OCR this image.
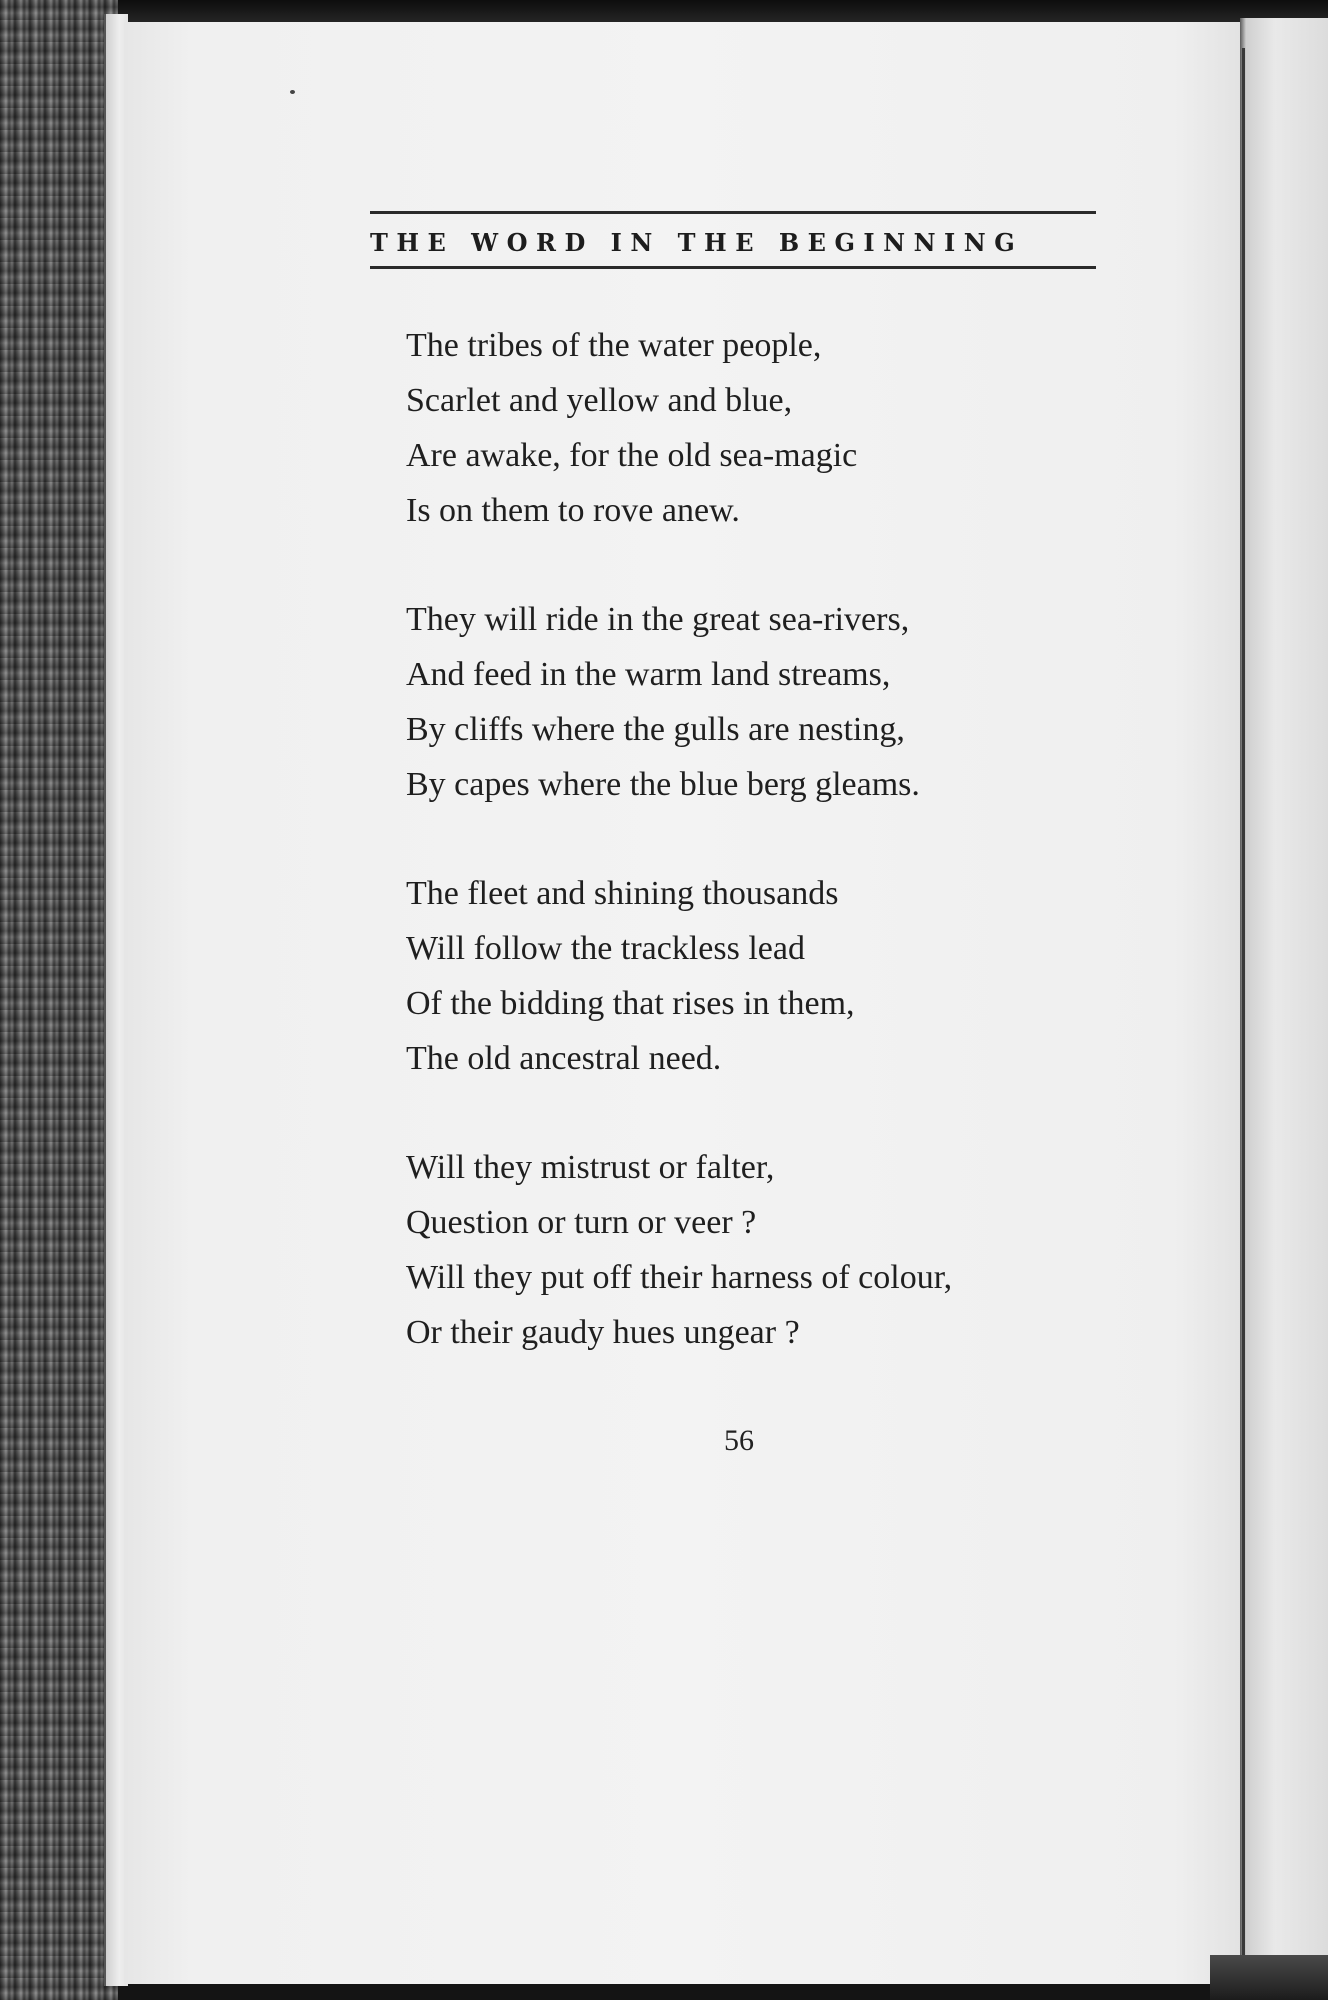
THE WORD IN THE BEGINNING
The tribes of the water people,
Scarlet and yellow and blue,
Are awake, for the old sea-magic
Is on them to rove anew.
They will ride in the great sea-rivers,
And feed in the warm land streams,
By cliffs where the gulls are nesting,
By capes where the blue berg gleams.
The fleet and shining thousands
Will follow the trackless lead
Of the bidding that rises in them,
The old ancestral need.
Will they mistrust or falter,
Question or turn or veer ?
Will they put off their harness of colour,
Or their gaudy hues ungear ?
56
